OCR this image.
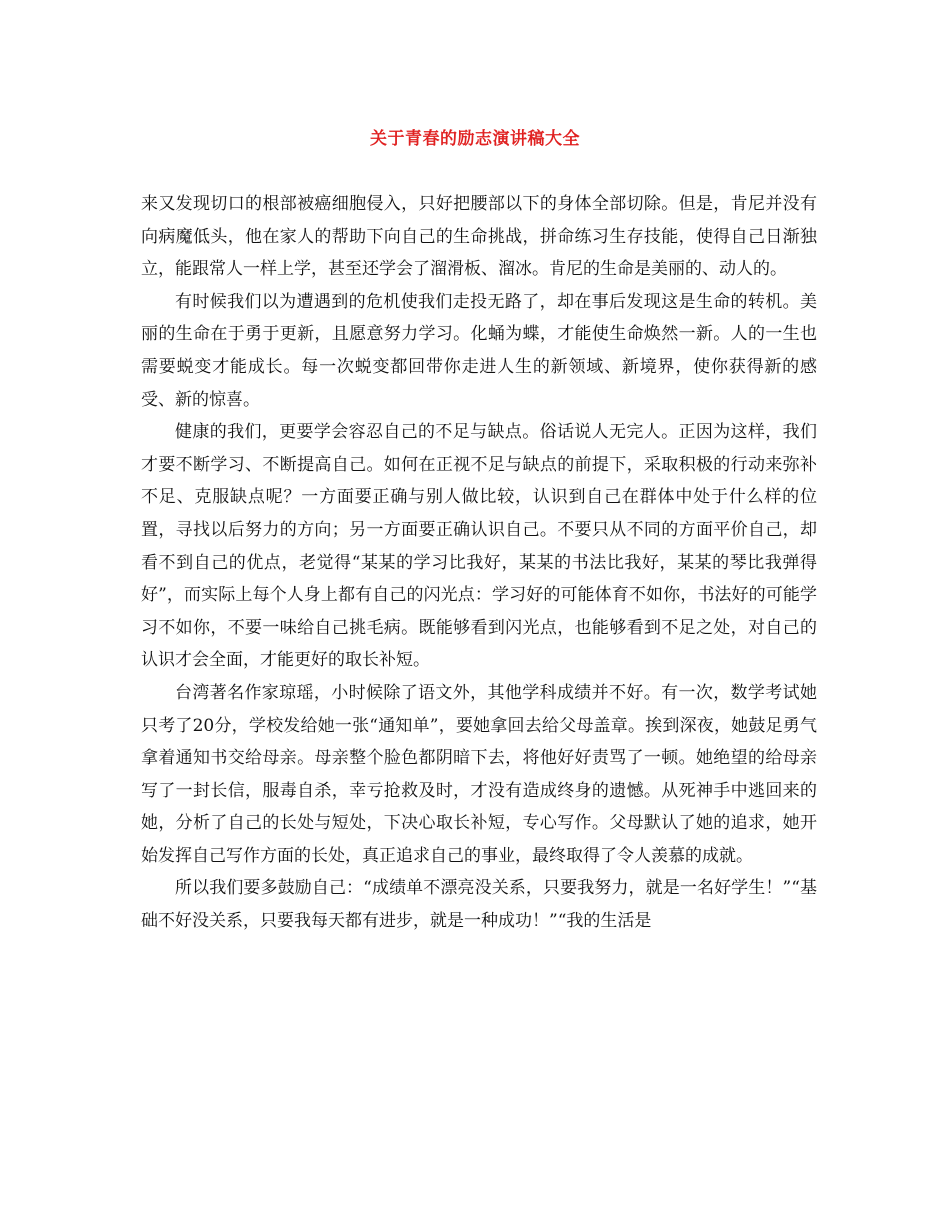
关于青春的励志演讲稿大全

来又发现切口的根部被癌细胞侵入，只好把腰部以下的身体全部切除。但是，肯尼并没有向病魔低头，他在家人的帮助下向自己的生命挑战，拼命练习生存技能，使得自己日渐独立，能跟常人一样上学，甚至还学会了溜滑板、溜冰。肯尼的生命是美丽的、动人的。

有时候我们以为遭遇到的危机使我们走投无路了，却在事后发现这是生命的转机。美丽的生命在于勇于更新，且愿意努力学习。化蛹为蝶，才能使生命焕然一新。人的一生也需要蜕变才能成长。每一次蜕变都回带你走进人生的新领域、新境界，使你获得新的感受、新的惊喜。

健康的我们，更要学会容忍自己的不足与缺点。俗话说人无完人。正因为这样，我们才要不断学习、不断提高自己。如何在正视不足与缺点的前提下，采取积极的行动来弥补不足、克服缺点呢？一方面要正确与别人做比较，认识到自己在群体中处于什么样的位置，寻找以后努力的方向；另一方面要正确认识自己。不要只从不同的方面平价自己，却看不到自己的优点，老觉得“某某的学习比我好，某某的书法比我好，某某的琴比我弹得好”，而实际上每个人身上都有自己的闪光点：学习好的可能体育不如你，书法好的可能学习不如你，不要一味给自己挑毛病。既能够看到闪光点，也能够看到不足之处，对自己的认识才会全面，才能更好的取长补短。

台湾著名作家琼瑶，小时候除了语文外，其他学科成绩并不好。有一次，数学考试她只考了20分，学校发给她一张“通知单”，要她拿回去给父母盖章。挨到深夜，她鼓足勇气拿着通知书交给母亲。母亲整个脸色都阴暗下去，将他好好责骂了一顿。她绝望的给母亲写了一封长信，服毒自杀，幸亏抢救及时，才没有造成终身的遗憾。从死神手中逃回来的她，分析了自己的长处与短处，下决心取长补短，专心写作。父母默认了她的追求，她开始发挥自己写作方面的长处，真正追求自己的事业，最终取得了令人羡慕的成就。

所以我们要多鼓励自己：“成绩单不漂亮没关系，只要我努力，就是一名好学生！”“基础不好没关系，只要我每天都有进步，就是一种成功！”“我的生活是
